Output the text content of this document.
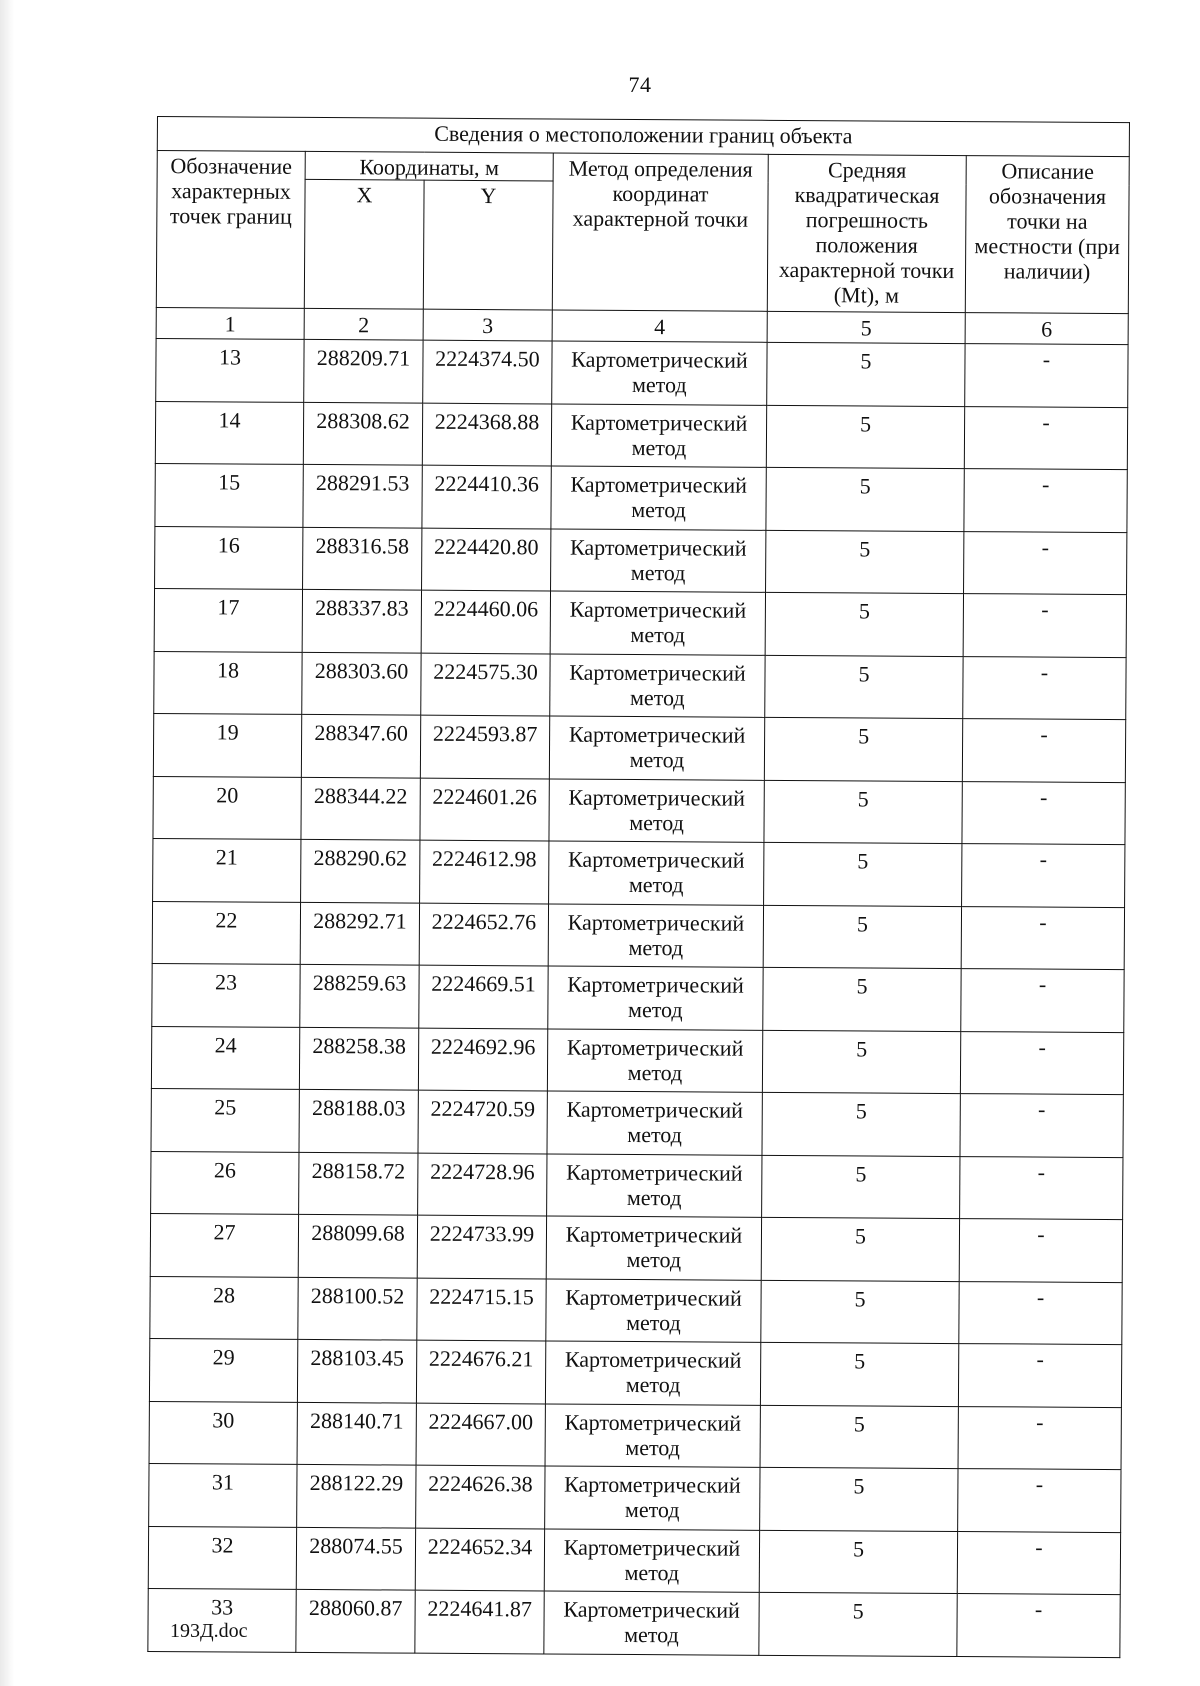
74
Сведения о местоположении границ объекта					
Обозначение характерных точек границ	Координаты, м		Метод определения координат характерной точки	Средняя квадратическая погрешность положения характерной точки (Mt), м	Описание обозначения точки на местности (при наличии)
	X	Y			
1	2	3	4	5	6
13	288209.71	2224374.50	Картометрический метод	5	-
14	288308.62	2224368.88	Картометрический метод	5	-
15	288291.53	2224410.36	Картометрический метод	5	-
16	288316.58	2224420.80	Картометрический метод	5	-
17	288337.83	2224460.06	Картометрический метод	5	-
18	288303.60	2224575.30	Картометрический метод	5	-
19	288347.60	2224593.87	Картометрический метод	5	-
20	288344.22	2224601.26	Картометрический метод	5	-
21	288290.62	2224612.98	Картометрический метод	5	-
22	288292.71	2224652.76	Картометрический метод	5	-
23	288259.63	2224669.51	Картометрический метод	5	-
24	288258.38	2224692.96	Картометрический метод	5	-
25	288188.03	2224720.59	Картометрический метод	5	-
26	288158.72	2224728.96	Картометрический метод	5	-
27	288099.68	2224733.99	Картометрический метод	5	-
28	288100.52	2224715.15	Картометрический метод	5	-
29	288103.45	2224676.21	Картометрический метод	5	-
30	288140.71	2224667.00	Картометрический метод	5	-
31	288122.29	2224626.38	Картометрический метод	5	-
32	288074.55	2224652.34	Картометрический метод	5	-
33	288060.87	2224641.87	Картометрический метод	5	-
193Д.doc
